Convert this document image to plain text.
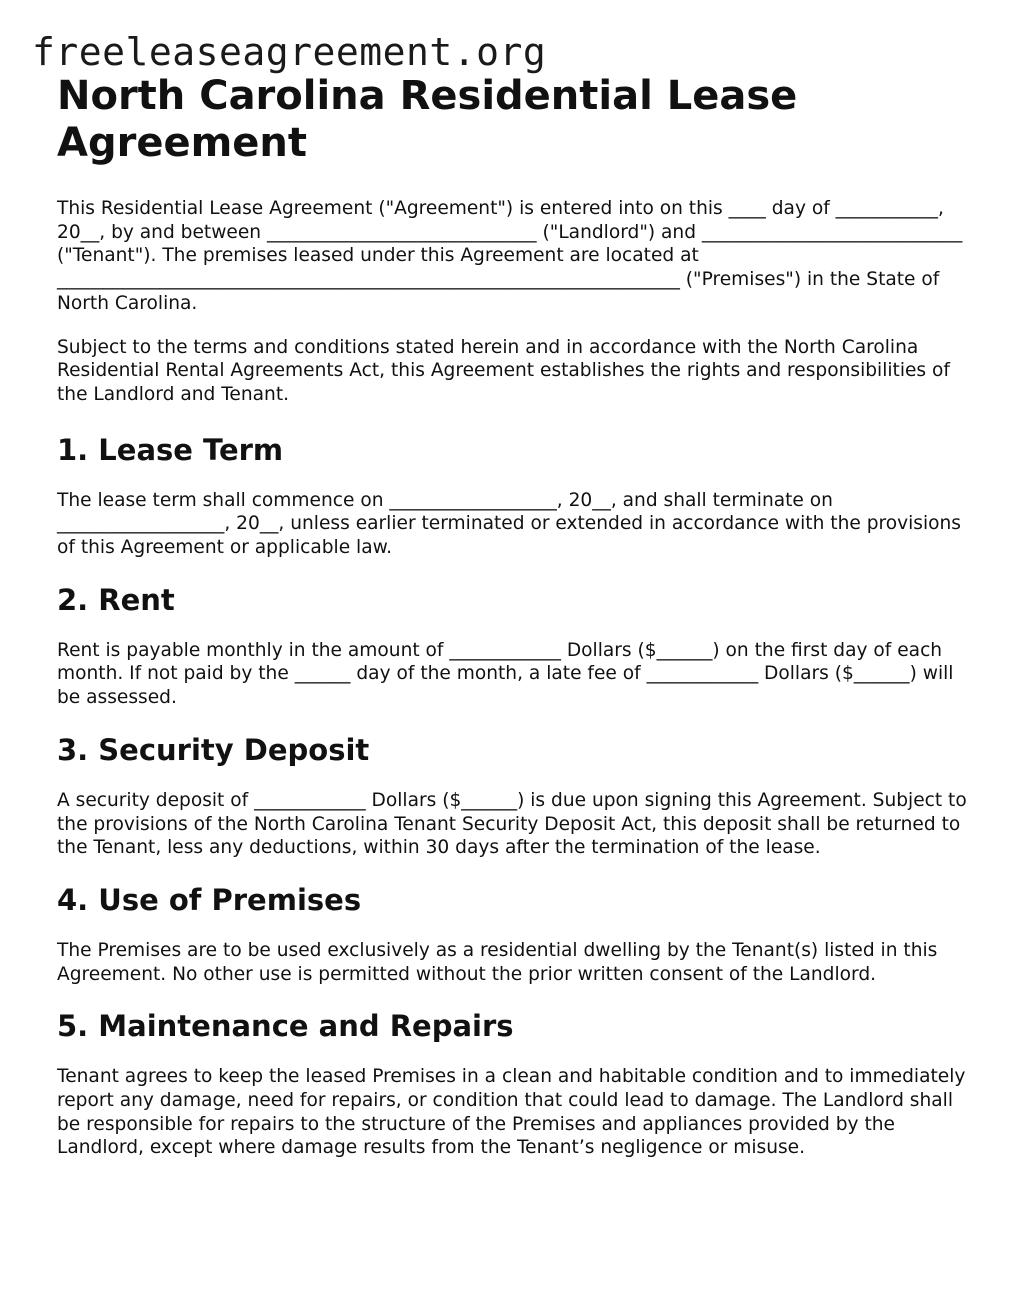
freeleaseagreement.org
North Carolina Residential Lease Agreement

This Residential Lease Agreement ("Agreement") is entered into on this ____ day of ___________, 20__, by and between _____________________________ ("Landlord") and ____________________________ ("Tenant"). The premises leased under this Agreement are located at ___________________________________________________________________ ("Premises") in the State of North Carolina.

Subject to the terms and conditions stated herein and in accordance with the North Carolina Residential Rental Agreements Act, this Agreement establishes the rights and responsibilities of the Landlord and Tenant.

1. Lease Term

The lease term shall commence on __________________, 20__, and shall terminate on __________________, 20__, unless earlier terminated or extended in accordance with the provisions of this Agreement or applicable law.

2. Rent

Rent is payable monthly in the amount of ____________ Dollars ($______) on the first day of each month. If not paid by the ______ day of the month, a late fee of ____________ Dollars ($______) will be assessed.

3. Security Deposit

A security deposit of ____________ Dollars ($______) is due upon signing this Agreement. Subject to the provisions of the North Carolina Tenant Security Deposit Act, this deposit shall be returned to the Tenant, less any deductions, within 30 days after the termination of the lease.

4. Use of Premises

The Premises are to be used exclusively as a residential dwelling by the Tenant(s) listed in this Agreement. No other use is permitted without the prior written consent of the Landlord.

5. Maintenance and Repairs

Tenant agrees to keep the leased Premises in a clean and habitable condition and to immediately report any damage, need for repairs, or condition that could lead to damage. The Landlord shall be responsible for repairs to the structure of the Premises and appliances provided by the Landlord, except where damage results from the Tenant’s negligence or misuse.
